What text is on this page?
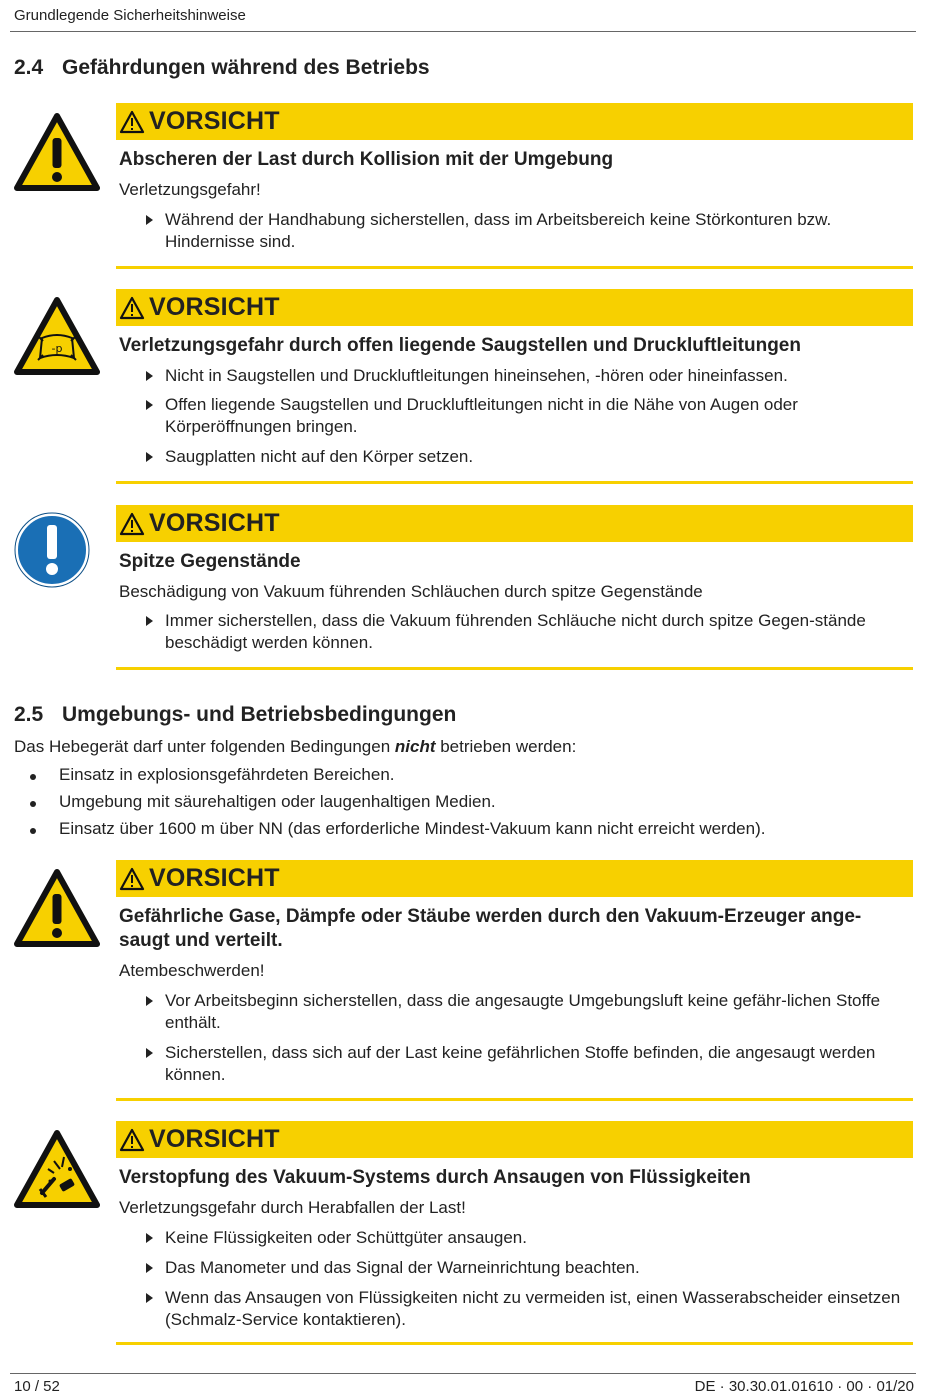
Grundlegende Sicherheitshinweise
2.4 Gefährdungen während des Betriebs
VORSICHT
Abscheren der Last durch Kollision mit der Umgebung
Verletzungsgefahr!
Während der Handhabung sicherstellen, dass im Arbeitsbereich keine Störkonturen bzw. Hindernisse sind.
-p
VORSICHT
Verletzungsgefahr durch offen liegende Saugstellen und Druckluftleitungen
Nicht in Saugstellen und Druckluftleitungen hineinsehen, -hören oder hineinfassen.
Offen liegende Saugstellen und Druckluftleitungen nicht in die Nähe von Augen oder Körperöffnungen bringen.
Saugplatten nicht auf den Körper setzen.
VORSICHT
Spitze Gegenstände
Beschädigung von Vakuum führenden Schläuchen durch spitze Gegenstände
Immer sicherstellen, dass die Vakuum führenden Schläuche nicht durch spitze Gegen-stände beschädigt werden können.
2.5 Umgebungs- und Betriebsbedingungen
Das Hebegerät darf unter folgenden Bedingungen nicht betrieben werden:
Einsatz in explosionsgefährdeten Bereichen.
Umgebung mit säurehaltigen oder laugenhaltigen Medien.
Einsatz über 1600 m über NN (das erforderliche Mindest-Vakuum kann nicht erreicht werden).
VORSICHT
Gefährliche Gase, Dämpfe oder Stäube werden durch den Vakuum-Erzeuger ange-saugt und verteilt.
Atembeschwerden!
Vor Arbeitsbeginn sicherstellen, dass die angesaugte Umgebungsluft keine gefähr-lichen Stoffe enthält.
Sicherstellen, dass sich auf der Last keine gefährlichen Stoffe befinden, die angesaugt werden können.
VORSICHT
Verstopfung des Vakuum-Systems durch Ansaugen von Flüssigkeiten
Verletzungsgefahr durch Herabfallen der Last!
Keine Flüssigkeiten oder Schüttgüter ansaugen.
Das Manometer und das Signal der Warneinrichtung beachten.
Wenn das Ansaugen von Flüssigkeiten nicht zu vermeiden ist, einen Wasserabscheider einsetzen (Schmalz-Service kontaktieren).
10 / 52	DE · 30.30.01.01610 · 00 · 01/20
